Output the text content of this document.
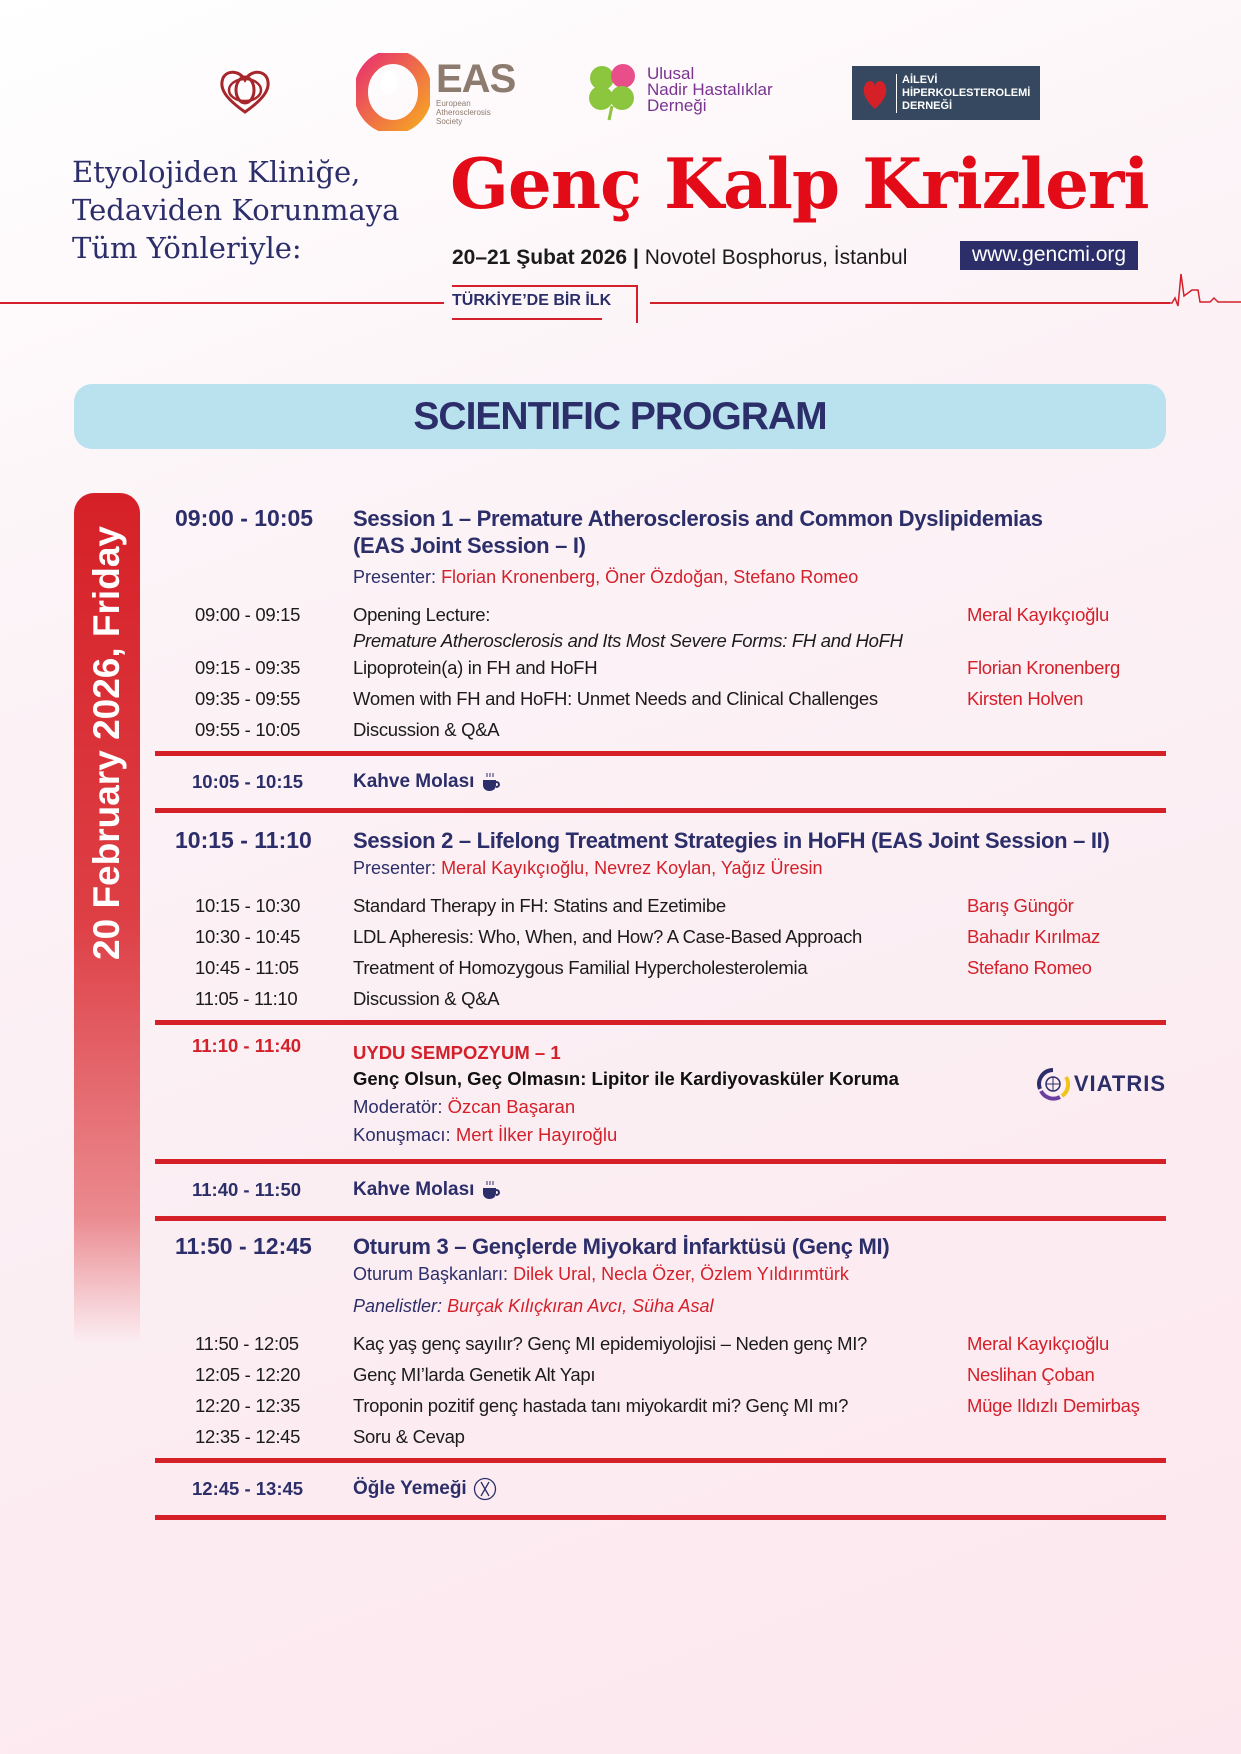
EAS
European
Atherosclerosis
Society
Ulusal
Nadir Hastalıklar
Derneği
AİLEVİ
HİPERKOLESTEROLEMİ
DERNEĞİ
Etyolojiden Kliniğe,
Tedaviden Korunmaya
Tüm Yönleriyle:
Genç Kalp Krizleri
20–21 Şubat 2026 | Novotel Bosphorus, İstanbul	www.gencmi.org
TÜRKİYE’DE BİR İLK
SCIENTIFIC PROGRAM
20 February 2026, Friday
09:00 - 10:05 Session 1 – Premature Atherosclerosis and Common Dyslipidemias
(EAS Joint Session – I)
Presenter: Florian Kronenberg, Öner Özdoğan, Stefano Romeo
09:00 - 09:15	Opening Lecture:
Premature Atherosclerosis and Its Most Severe Forms: FH and HoFH
Meral Kayıkçıoğlu
09:15 - 09:35	Lipoprotein(a) in FH and HoFH	Florian Kronenberg
09:35 - 09:55	Women with FH and HoFH: Unmet Needs and Clinical Challenges	Kirsten Holven
09:55 - 10:05	Discussion & Q&A
10:05 - 10:15	Kahve Molası
10:15 - 11:10 Session 2 – Lifelong Treatment Strategies in HoFH (EAS Joint Session – II)
Presenter: Meral Kayıkçıoğlu, Nevrez Koylan, Yağız Üresin
10:15 - 10:30	Standard Therapy in FH: Statins and Ezetimibe	Barış Güngör
10:30 - 10:45	LDL Apheresis: Who, When, and How? A Case-Based Approach	Bahadır Kırılmaz
10:45 - 11:05	Treatment of Homozygous Familial Hypercholesterolemia	Stefano Romeo
11:05 - 11:10	Discussion & Q&A
11:10 - 11:40	UYDU SEMPOZYUM – 1
Genç Olsun, Geç Olmasın: Lipitor ile Kardiyovasküler Koruma
Moderatör: Özcan Başaran
Konuşmacı: Mert İlker Hayıroğlu
VIATRIS
11:40 - 11:50	Kahve Molası
11:50 - 12:45 Oturum 3 – Gençlerde Miyokard İnfarktüsü (Genç MI)
Oturum Başkanları: Dilek Ural, Necla Özer, Özlem Yıldırımtürk
Panelistler: Burçak Kılıçkıran Avcı, Süha Asal
11:50 - 12:05	Kaç yaş genç sayılır? Genç MI epidemiyolojisi – Neden genç MI?	Meral Kayıkçıoğlu
12:05 - 12:20	Genç MI’larda Genetik Alt Yapı	Neslihan Çoban
12:20 - 12:35	Troponin pozitif genç hastada tanı miyokardit mi? Genç MI mı?	Müge Ildızlı Demirbaş
12:35 - 12:45	Soru & Cevap
12:45 - 13:45	Öğle Yemeği
